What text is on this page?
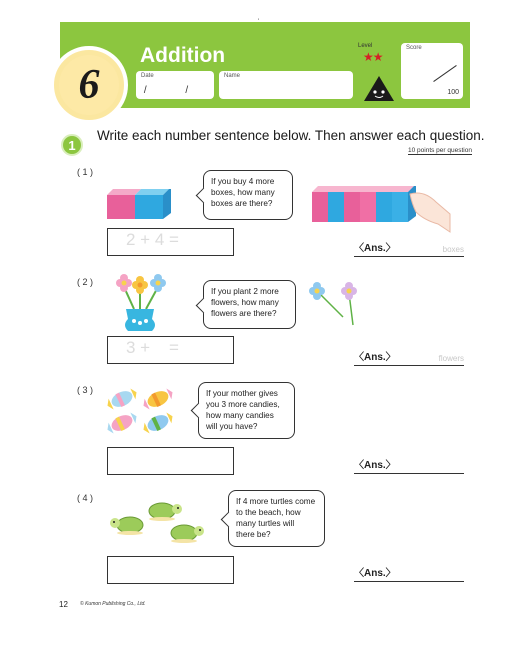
6
Addition
Date
/ /
Name
Level
★★
Score
100
1
Write each number sentence below. Then answer each question.
10 points per question
( 1 )
If you buy 4 more
boxes, how many
boxes are there?
2 + 4 =	〈Ans.〉	boxes
( 2 )
If you plant 2 more
flowers, how many
flowers are there?
3 +    =
〈Ans.〉	flowers
( 3 )	If your mother gives
you 3 more candies,
how many candies
will you have?
〈Ans.〉
( 4 )	If 4 more turtles come
to the beach, how
many turtles will
there be?
〈Ans.〉
12 © Kumon Publishing Co., Ltd.
